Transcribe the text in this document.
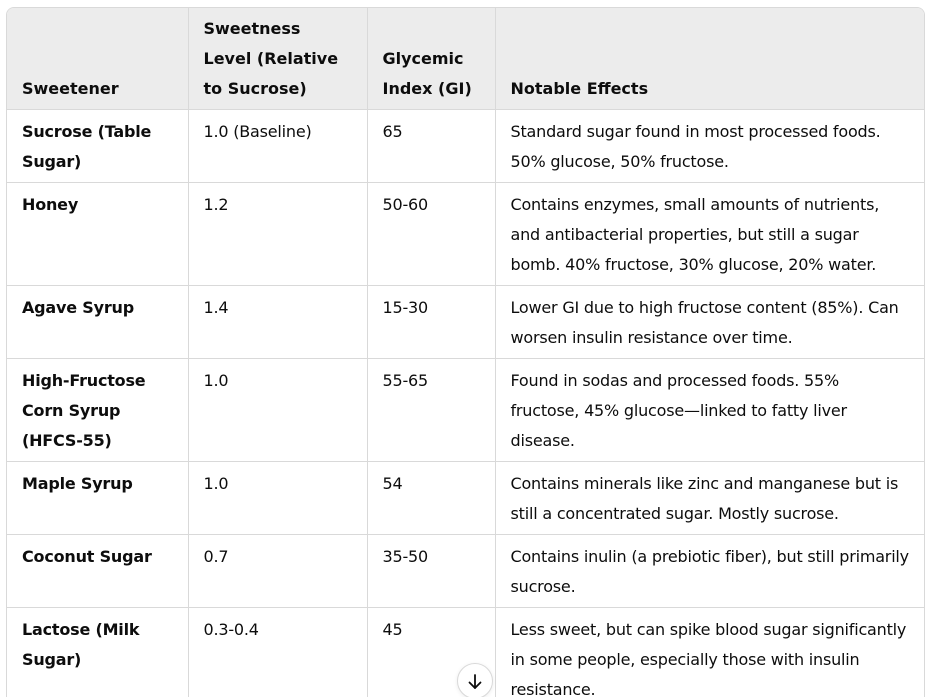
Sweetener	Sweetness Level (Relative to Sucrose)	Glycemic Index (GI)	Notable Effects
Sucrose (Table Sugar)	1.0 (Baseline)	65	Standard sugar found in most processed foods. 50% glucose, 50% fructose.
Honey	1.2	50-60	Contains enzymes, small amounts of nutrients, and antibacterial properties, but still a sugar bomb. 40% fructose, 30% glucose, 20% water.
Agave Syrup	1.4	15-30	Lower GI due to high fructose content (85%). Can worsen insulin resistance over time.
High-Fructose Corn Syrup (HFCS-55)	1.0	55-65	Found in sodas and processed foods. 55% fructose, 45% glucose—linked to fatty liver disease.
Maple Syrup	1.0	54	Contains minerals like zinc and manganese but is still a concentrated sugar. Mostly sucrose.
Coconut Sugar	0.7	35-50	Contains inulin (a prebiotic fiber), but still primarily sucrose.
Lactose (Milk Sugar)	0.3-0.4	45	Less sweet, but can spike blood sugar significantly in some people, especially those with insulin resistance.
